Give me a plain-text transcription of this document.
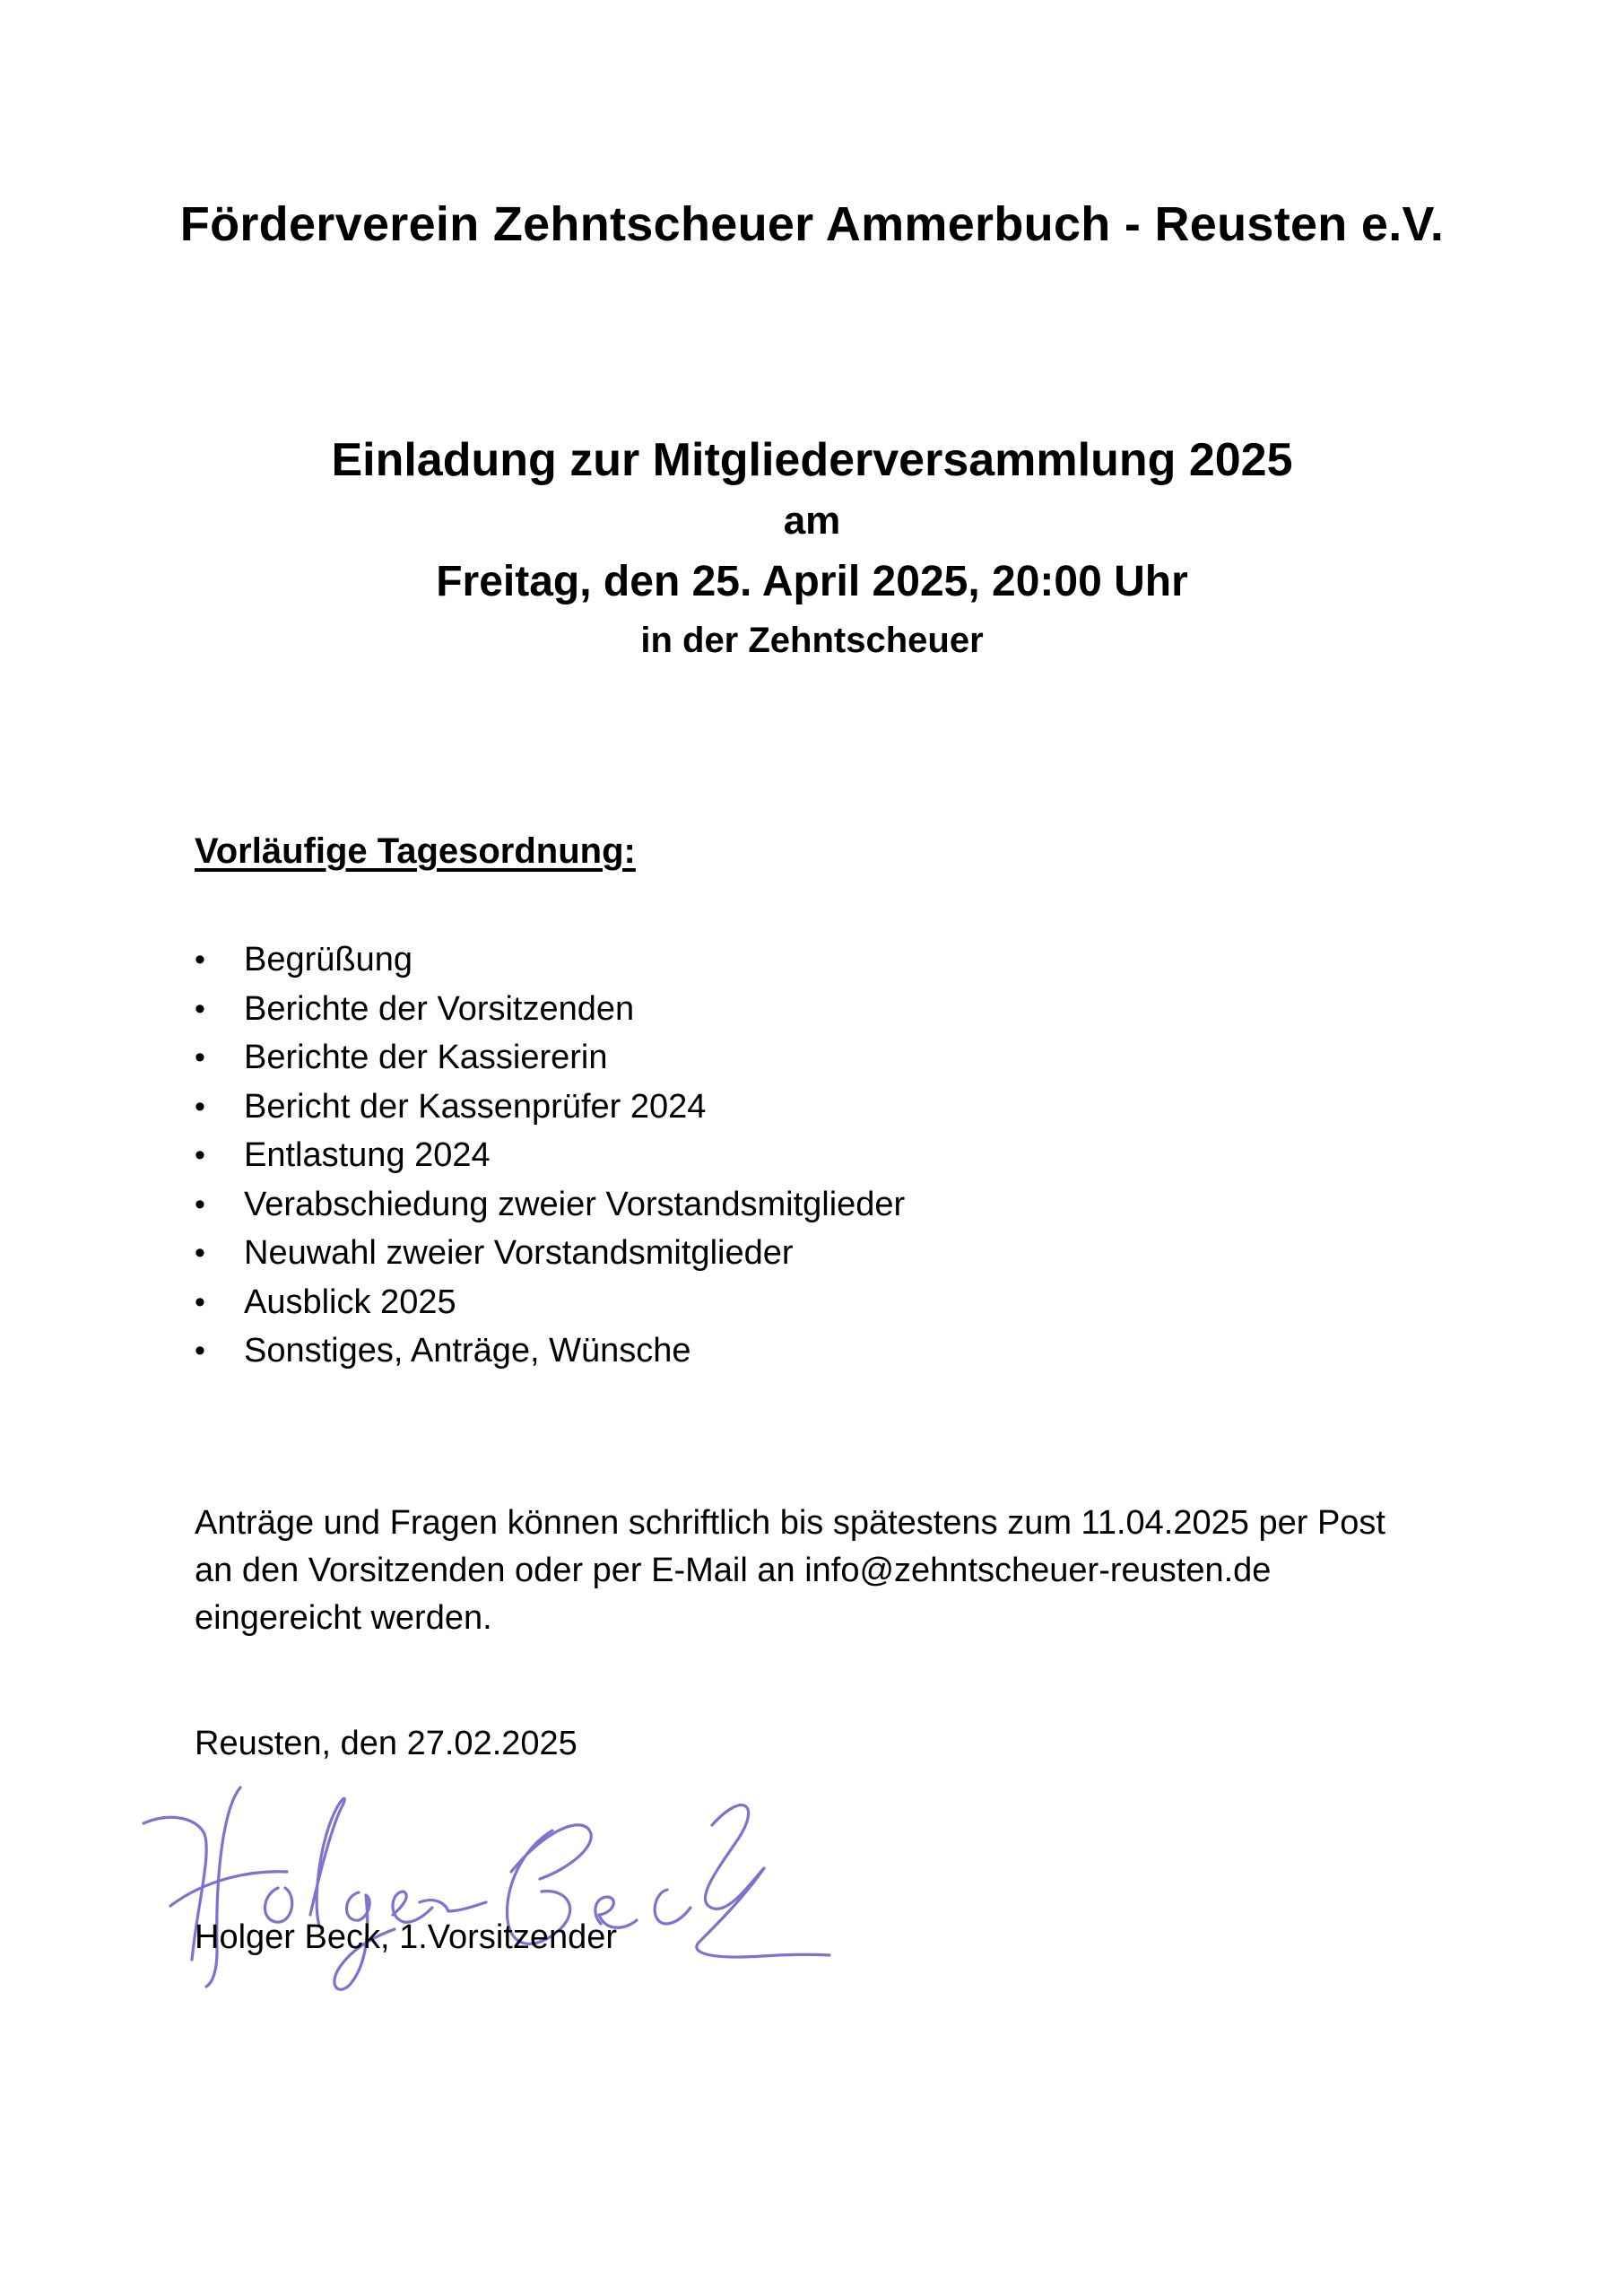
Förderverein Zehntscheuer Ammerbuch - Reusten e.V.
Einladung zur Mitgliederversammlung 2025
am
Freitag, den 25. April 2025, 20:00 Uhr
in der Zehntscheuer
Vorläufige Tagesordnung:
• Begrüßung
• Berichte der Vorsitzenden
• Berichte der Kassiererin
• Bericht der Kassenprüfer 2024
• Entlastung 2024
• Verabschiedung zweier Vorstandsmitglieder
• Neuwahl zweier Vorstandsmitglieder
• Ausblick 2025
• Sonstiges, Anträge, Wünsche
Anträge und Fragen können schriftlich bis spätestens zum 11.04.2025 per Post
an den Vorsitzenden oder per E-Mail an info@zehntscheuer-reusten.de
eingereicht werden.
Reusten, den 27.02.2025
Holger Beck, 1.Vorsitzender
